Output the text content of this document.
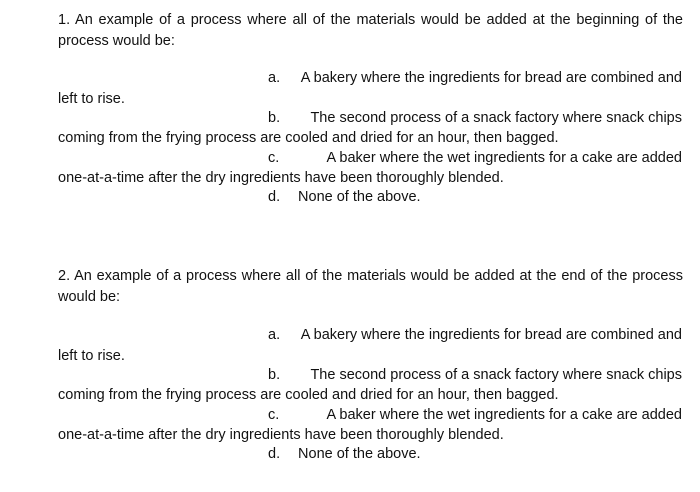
1. An example of a process where all of the materials would be added at the beginning of the process would be:
a.	A bakery where the ingredients for bread are combined and
left to rise.
b.	The second process of a snack factory where snack chips
coming from the frying process are cooled and dried for an hour, then bagged.
c.	A baker where the wet ingredients for a cake are added
one-at-a-time after the dry ingredients have been thoroughly blended.
d. None of the above.
2. An example of a process where all of the materials would be added at the end of the process would be:
a.	A bakery where the ingredients for bread are combined and
left to rise.
b.	The second process of a snack factory where snack chips
coming from the frying process are cooled and dried for an hour, then bagged.
c.	A baker where the wet ingredients for a cake are added
one-at-a-time after the dry ingredients have been thoroughly blended.
d. None of the above.
